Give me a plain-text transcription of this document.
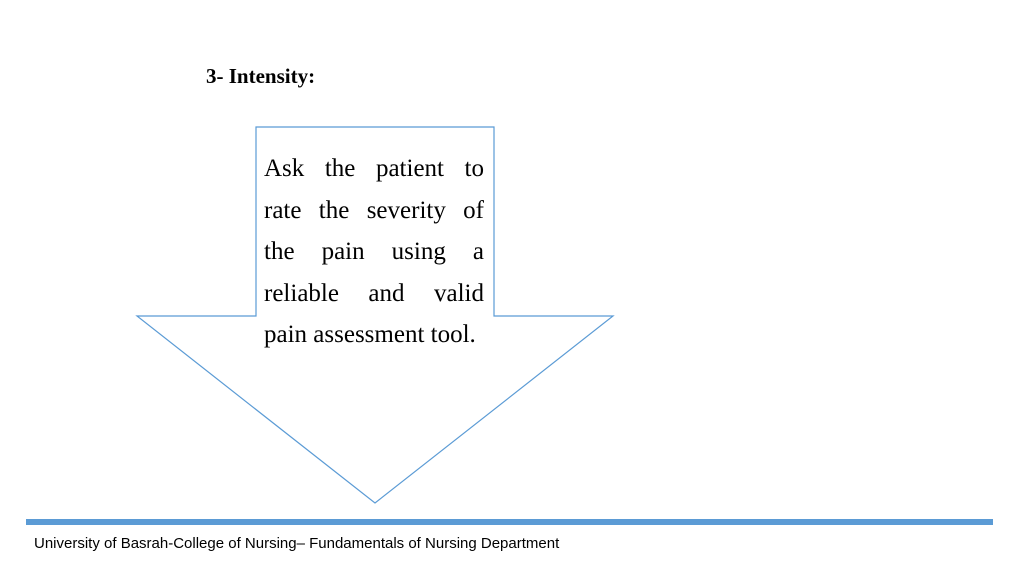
3- Intensity:
Ask the patient to rate the severity of the pain using a reliable and valid pain assessment tool.
University of Basrah-College of Nursing– Fundamentals of Nursing Department
